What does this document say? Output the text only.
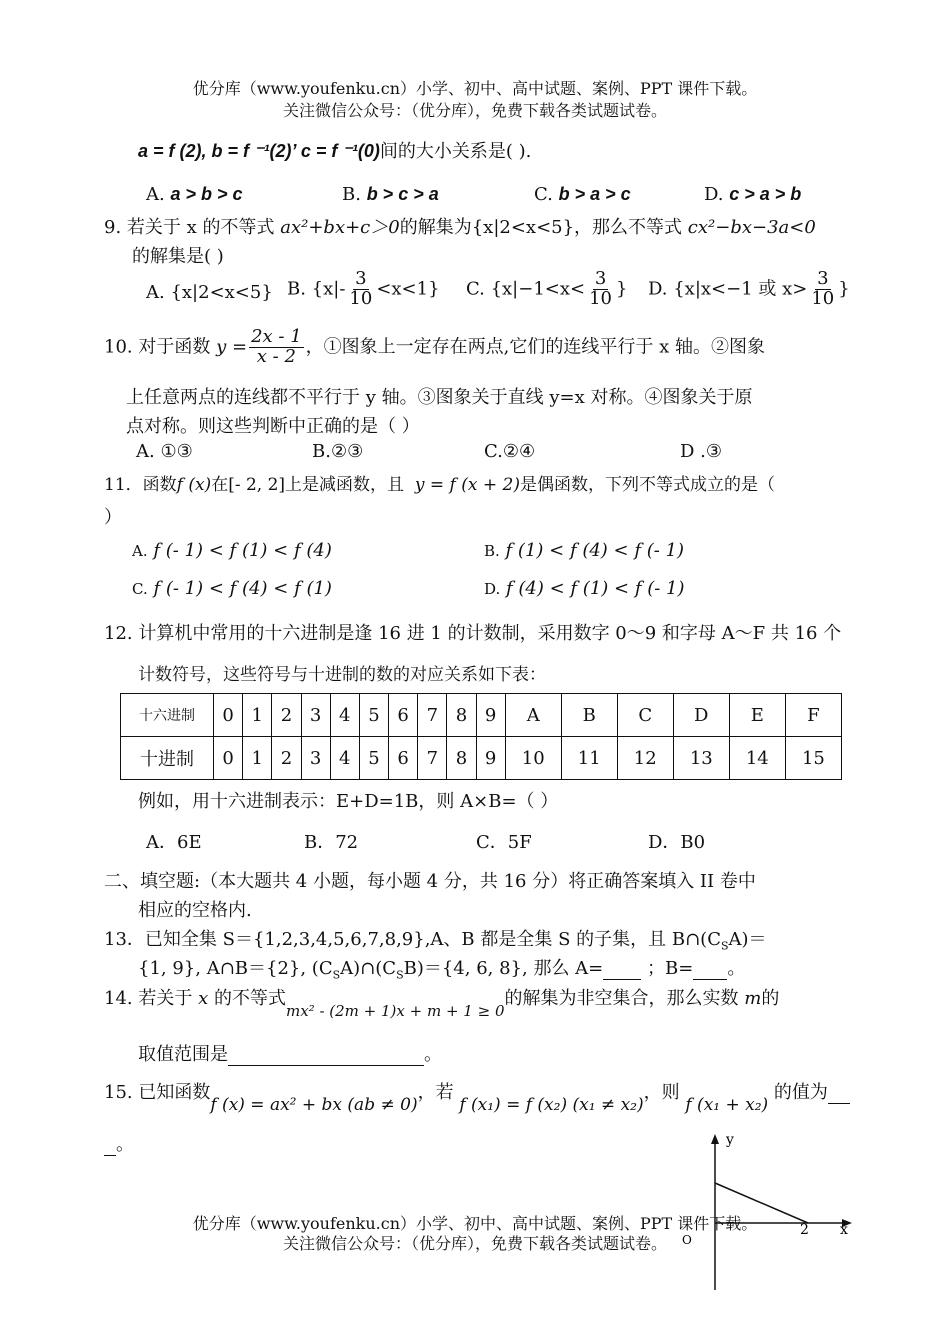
优分库（www.youfenku.cn）小学、初中、高中试题、案例、PPT 课件下载。
关注微信公众号：（优分库），免费下载各类试题试卷。
a = f (2), b = f ⁻¹(2)’ c = f ⁻¹(0)间的大小关系是( ).
A. a > b > c	B. b > c > a	C. b > a > c	D. c > a > b
9. 若关于 x 的不等式 ax²+bx+c＞0的解集为{x|2<x<5}，那么不等式 cx²−bx−3a<0
的解集是( )
A. {x|2<x<5} B. $\{x|- \frac{3}{10} <x<1\}$ C. {$x|-1<x< \frac{3}{10}$ } D. {x|x<−1 或 $x> \frac{3}{10}$ }
10. 对于函数 $y = \frac{2x - 1}{x - 2}$ ，①图象上一定存在两点,它们的连线平行于 x 轴。②图象
上任意两点的连线都不平行于 y 轴。③图象关于直线 y=x 对称。④图象关于原
点对称。则这些判断中正确的是（ ）
A. ①③	B.②③	C.②④	D .③
11．函数f (x)在[- 2, 2]上是减函数，且 y = f (x + 2)是偶函数，下列不等式成立的是（
）
A. f (- 1) < f (1) < f (4)	B. f (1) < f (4) < f (- 1)
C. f (- 1) < f (4) < f (1)	D. f (4) < f (1) < f (- 1)
12. 计算机中常用的十六进制是逢 16 进 1 的计数制，采用数字 0～9 和字母 A～F 共 16 个
计数符号，这些符号与十进制的数的对应关系如下表：
十六进制	0	1	2	3	4	5	6	7	8	9	A	B	C	D	E	F
十进制	0	1	2	3	4	5	6	7	8	9	10	11	12	13	14	15
例如，用十六进制表示：E+D=1B，则 A×B=（ ）
A．6E	B．72	C．5F	D．B0
二、填空题:（本大题共 4 小题，每小题 4 分，共 16 分）将正确答案填入 II 卷中
相应的空格内.
13．已知全集 S＝{1,2,3,4,5,6,7,8,9},A、B 都是全集 S 的子集，且 $B\cap(C_SA)=$
{1, 9}, A∩B＝{2}, $(C_SA)\cap(C_SB)=\{4$, 6, 8}, 那么 A= ；B= 。
14. 若关于 x 的不等式$_{mx^2 - (2m + 1)x + m + 1 \ge 0}$的解集为非空集合，那么实数 m的
取值范围是	。
15. 已知函数f (x) = ax² + bx (ab ≠ 0)，若 f (x₁) = f (x₂) (x₁ ≠ x₂)，则 f (x₁ + x₂) 的值为
。	y
x
2
O
优分库（www.youfenku.cn）小学、初中、高中试题、案例、PPT 课件下载。
关注微信公众号：（优分库），免费下载各类试题试卷。
